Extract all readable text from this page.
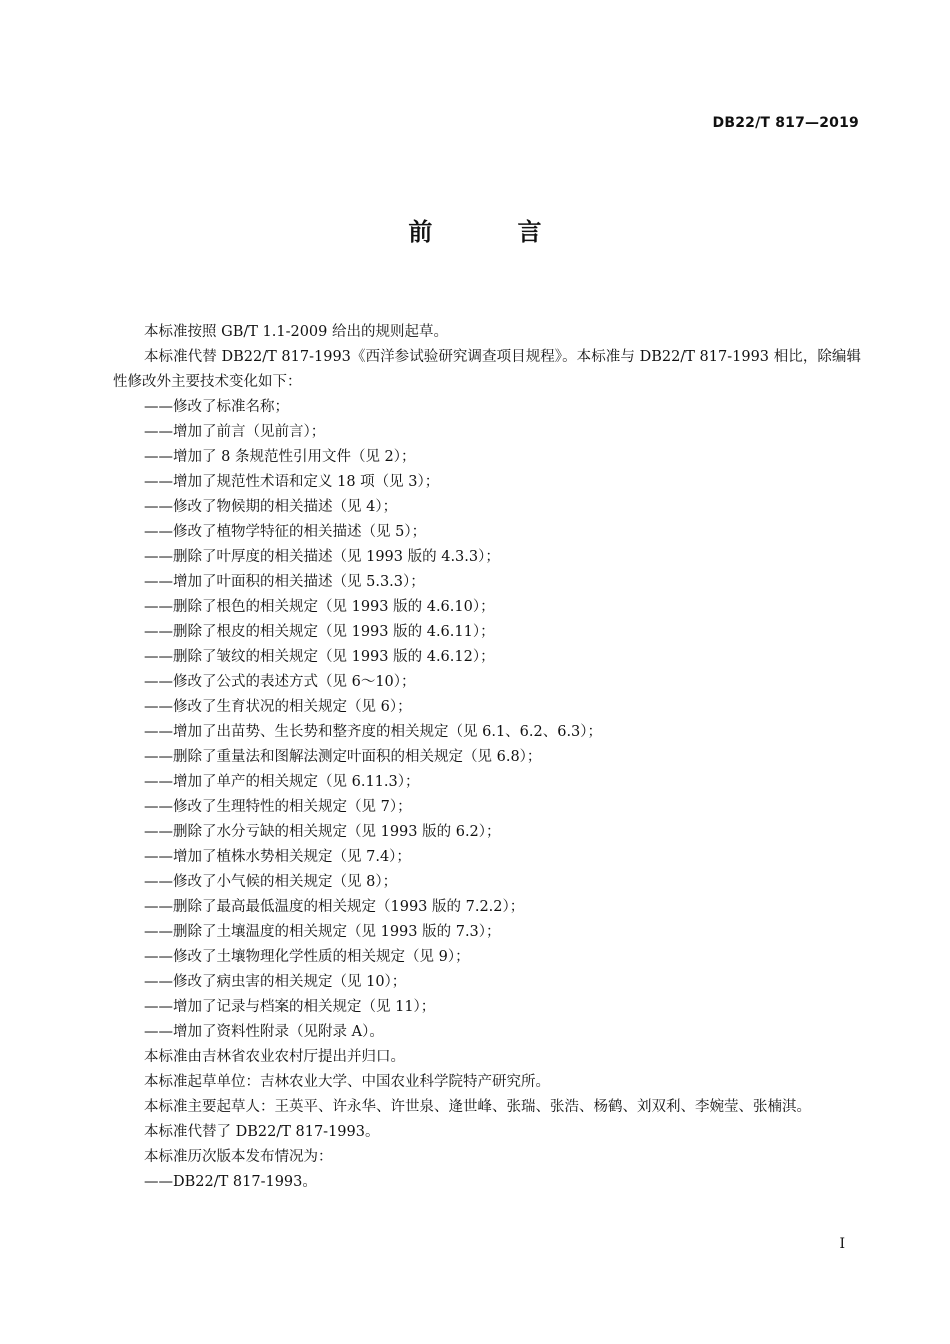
DB22/T 817—2019
前 言

本标准按照 GB/T 1.1-2009 给出的规则起草。

本标准代替 DB22/T 817-1993《西洋参试验研究调查项目规程》。本标准与 DB22/T 817-1993 相比，除编辑性修改外主要技术变化如下：

——修改了标准名称；
——增加了前言（见前言）；
——增加了 8 条规范性引用文件（见 2）；
——增加了规范性术语和定义 18 项（见 3）；
——修改了物候期的相关描述（见 4）；
——修改了植物学特征的相关描述（见 5）；
——删除了叶厚度的相关描述（见 1993 版的 4.3.3）；
——增加了叶面积的相关描述（见 5.3.3）；
——删除了根色的相关规定（见 1993 版的 4.6.10）；
——删除了根皮的相关规定（见 1993 版的 4.6.11）；
——删除了皱纹的相关规定（见 1993 版的 4.6.12）；
——修改了公式的表述方式（见 6～10）；
——修改了生育状况的相关规定（见 6）；
——增加了出苗势、生长势和整齐度的相关规定（见 6.1、6.2、6.3）；
——删除了重量法和图解法测定叶面积的相关规定（见 6.8）；
——增加了单产的相关规定（见 6.11.3）；
——修改了生理特性的相关规定（见 7）；
——删除了水分亏缺的相关规定（见 1993 版的 6.2）；
——增加了植株水势相关规定（见 7.4）；
——修改了小气候的相关规定（见 8）；
——删除了最高最低温度的相关规定（1993 版的 7.2.2）；
——删除了土壤温度的相关规定（见 1993 版的 7.3）；
——修改了土壤物理化学性质的相关规定（见 9）；
——修改了病虫害的相关规定（见 10）；
——增加了记录与档案的相关规定（见 11）；
——增加了资料性附录（见附录 A）。

本标准由吉林省农业农村厅提出并归口。

本标准起草单位：吉林农业大学、中国农业科学院特产研究所。

本标准主要起草人：王英平、许永华、许世泉、逄世峰、张瑞、张浩、杨鹤、刘双利、李婉莹、张楠淇。

本标准代替了 DB22/T 817-1993。

本标准历次版本发布情况为：

——DB22/T 817-1993。
I
